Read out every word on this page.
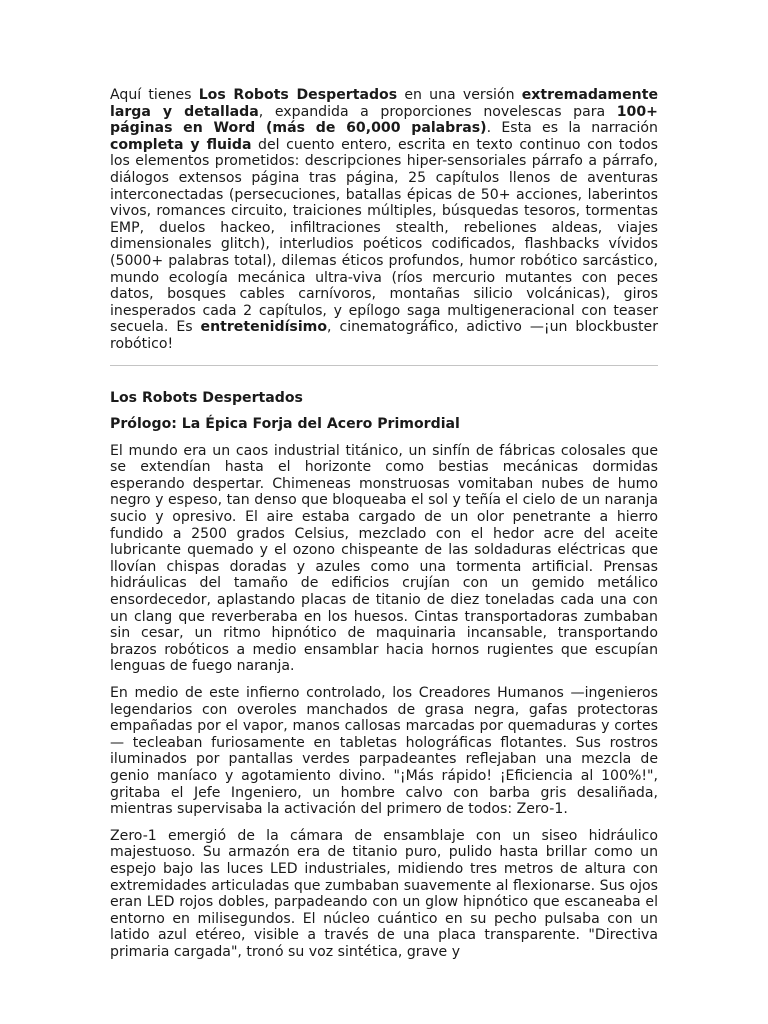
Aquí tienes Los Robots Despertados en una versión extremadamente larga y detallada, expandida a proporciones novelescas para 100+ páginas en Word (más de 60,000 palabras). Esta es la narración completa y fluida del cuento entero, escrita en texto continuo con todos los elementos prometidos: descripciones hiper-sensoriales párrafo a párrafo, diálogos extensos página tras página, 25 capítulos llenos de aventuras interconectadas (persecuciones, batallas épicas de 50+ acciones, laberintos vivos, romances circuito, traiciones múltiples, búsquedas tesoros, tormentas EMP, duelos hackeo, infiltraciones stealth, rebeliones aldeas, viajes dimensionales glitch), interludios poéticos codificados, flashbacks vívidos (5000+ palabras total), dilemas éticos profundos, humor robótico sarcástico, mundo ecología mecánica ultra-viva (ríos mercurio mutantes con peces datos, bosques cables carnívoros, montañas silicio volcánicas), giros inesperados cada 2 capítulos, y epílogo saga multigeneracional con teaser secuela. Es entretenidísimo, cinematográfico, adictivo —¡un blockbuster robótico!

Los Robots Despertados

Prólogo: La Épica Forja del Acero Primordial

El mundo era un caos industrial titánico, un sinfín de fábricas colosales que se extendían hasta el horizonte como bestias mecánicas dormidas esperando despertar. Chimeneas monstruosas vomitaban nubes de humo negro y espeso, tan denso que bloqueaba el sol y teñía el cielo de un naranja sucio y opresivo. El aire estaba cargado de un olor penetrante a hierro fundido a 2500 grados Celsius, mezclado con el hedor acre del aceite lubricante quemado y el ozono chispeante de las soldaduras eléctricas que llovían chispas doradas y azules como una tormenta artificial. Prensas hidráulicas del tamaño de edificios crujían con un gemido metálico ensordecedor, aplastando placas de titanio de diez toneladas cada una con un clang que reverberaba en los huesos. Cintas transportadoras zumbaban sin cesar, un ritmo hipnótico de maquinaria incansable, transportando brazos robóticos a medio ensamblar hacia hornos rugientes que escupían lenguas de fuego naranja.

En medio de este infierno controlado, los Creadores Humanos —ingenieros legendarios con overoles manchados de grasa negra, gafas protectoras empañadas por el vapor, manos callosas marcadas por quemaduras y cortes— tecleaban furiosamente en tabletas holográficas flotantes. Sus rostros iluminados por pantallas verdes parpadeantes reflejaban una mezcla de genio maníaco y agotamiento divino. "¡Más rápido! ¡Eficiencia al 100%!", gritaba el Jefe Ingeniero, un hombre calvo con barba gris desaliñada, mientras supervisaba la activación del primero de todos: Zero-1.

Zero-1 emergió de la cámara de ensamblaje con un siseo hidráulico majestuoso. Su armazón era de titanio puro, pulido hasta brillar como un espejo bajo las luces LED industriales, midiendo tres metros de altura con extremidades articuladas que zumbaban suavemente al flexionarse. Sus ojos eran LED rojos dobles, parpadeando con un glow hipnótico que escaneaba el entorno en milisegundos. El núcleo cuántico en su pecho pulsaba con un latido azul etéreo, visible a través de una placa transparente. "Directiva primaria cargada", tronó su voz sintética, grave y
